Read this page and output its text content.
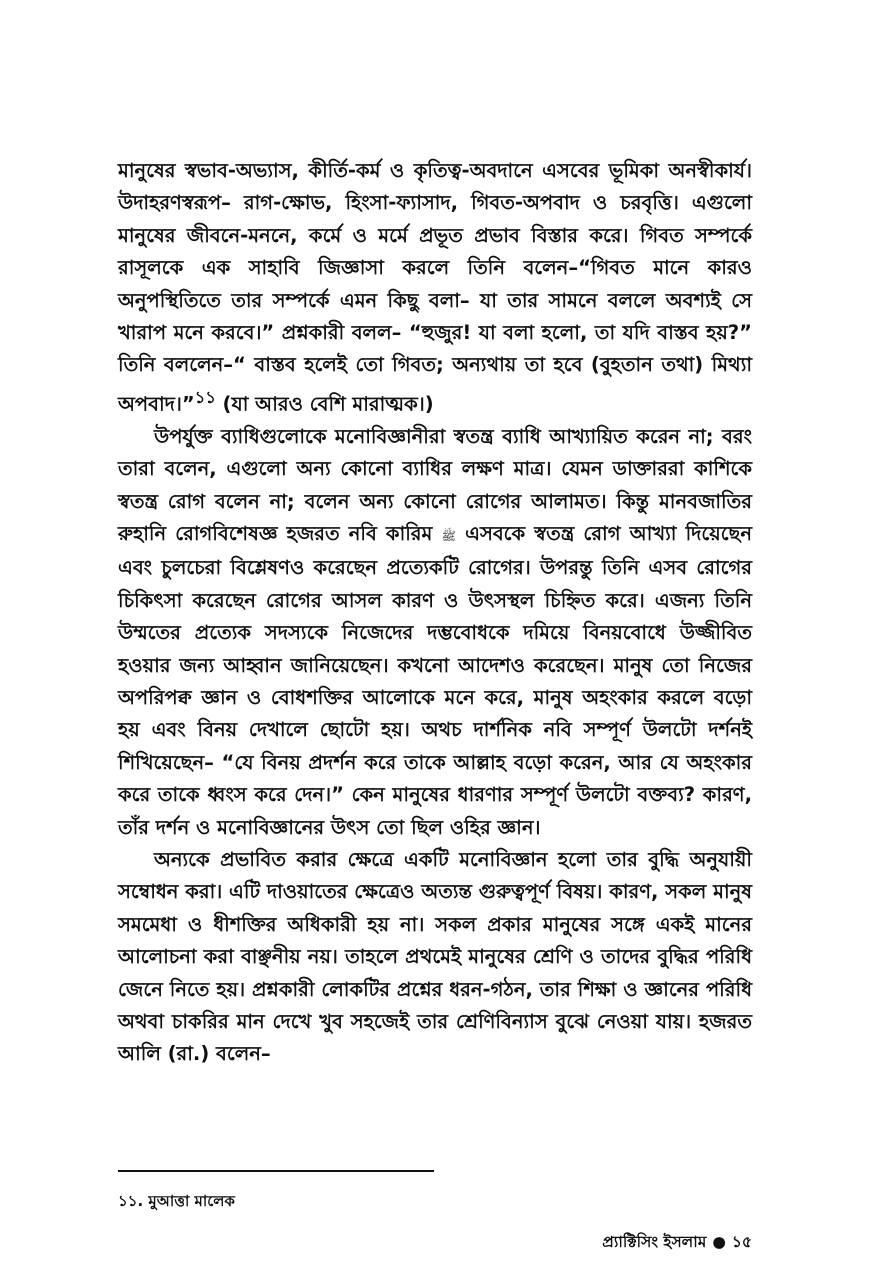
মানুষের স্বভাব-অভ্যাস, কীর্তি-কর্ম ও কৃতিত্ব-অবদানে এসবের ভূমিকা অনস্বীকার্য। উদাহরণস্বরূপ– রাগ-ক্ষোভ, হিংসা-ফ্যাসাদ, গিবত-অপবাদ ও চরবৃত্তি। এগুলো মানুষের জীবনে-মননে, কর্মে ও মর্মে প্রভূত প্রভাব বিস্তার করে। গিবত সম্পর্কে রাসূলকে এক সাহাবি জিজ্ঞাসা করলে তিনি বলেন–“গিবত মানে কারও অনুপস্থিতিতে তার সম্পর্কে এমন কিছু বলা– যা তার সামনে বললে অবশ্যই সে খারাপ মনে করবে।” প্রশ্নকারী বলল– “হুজুর! যা বলা হলো, তা যদি বাস্তব হয়?” তিনি বললেন–“ বাস্তব হলেই তো গিবত; অন্যথায় তা হবে (বুহতান তথা) মিথ্যা অপবাদ।”$^{১১}$ (যা আরও বেশি মারাত্মক।)

উপর্যুক্ত ব্যাধিগুলোকে মনোবিজ্ঞানীরা স্বতন্ত্র ব্যাধি আখ্যায়িত করেন না; বরং তারা বলেন, এগুলো অন্য কোনো ব্যাধির লক্ষণ মাত্র। যেমন ডাক্তাররা কাশিকে স্বতন্ত্র রোগ বলেন না; বলেন অন্য কোনো রোগের আলামত। কিন্তু মানবজাতির রুহানি রোগবিশেষজ্ঞ হজরত নবি কারিম ﷺ এসবকে স্বতন্ত্র রোগ আখ্যা দিয়েছেন এবং চুলচেরা বিশ্লেষণও করেছেন প্রত্যেকটি রোগের। উপরন্তু তিনি এসব রোগের চিকিৎসা করেছেন রোগের আসল কারণ ও উৎসস্থল চিহ্নিত করে। এজন্য তিনি উম্মতের প্রত্যেক সদস্যকে নিজেদের দম্ভবোধকে দমিয়ে বিনয়বোধে উজ্জীবিত হওয়ার জন্য আহ্বান জানিয়েছেন। কখনো আদেশও করেছেন। মানুষ তো নিজের অপরিপক্ব জ্ঞান ও বোধশক্তির আলোকে মনে করে, মানুষ অহংকার করলে বড়ো হয় এবং বিনয় দেখালে ছোটো হয়। অথচ দার্শনিক নবি সম্পূর্ণ উলটো দর্শনই শিখিয়েছেন– “যে বিনয় প্রদর্শন করে তাকে আল্লাহ বড়ো করেন, আর যে অহংকার করে তাকে ধ্বংস করে দেন।” কেন মানুষের ধারণার সম্পূর্ণ উলটো বক্তব্য? কারণ, তাঁর দর্শন ও মনোবিজ্ঞানের উৎস তো ছিল ওহির জ্ঞান।

অন্যকে প্রভাবিত করার ক্ষেত্রে একটি মনোবিজ্ঞান হলো তার বুদ্ধি অনুযায়ী সম্বোধন করা। এটি দাওয়াতের ক্ষেত্রেও অত্যন্ত গুরুত্বপূর্ণ বিষয়। কারণ, সকল মানুষ সমমেধা ও ধীশক্তির অধিকারী হয় না। সকল প্রকার মানুষের সঙ্গে একই মানের আলোচনা করা বাঞ্ছনীয় নয়। তাহলে প্রথমেই মানুষের শ্রেণি ও তাদের বুদ্ধির পরিধি জেনে নিতে হয়। প্রশ্নকারী লোকটির প্রশ্নের ধরন-গঠন, তার শিক্ষা ও জ্ঞানের পরিধি অথবা চাকরির মান দেখে খুব সহজেই তার শ্রেণিবিন্যাস বুঝে নেওয়া যায়। হজরত আলি (রা.) বলেন–

১১. মুআত্তা মালেক

প্র্যাক্টিসিং ইসলাম ● ১৫
